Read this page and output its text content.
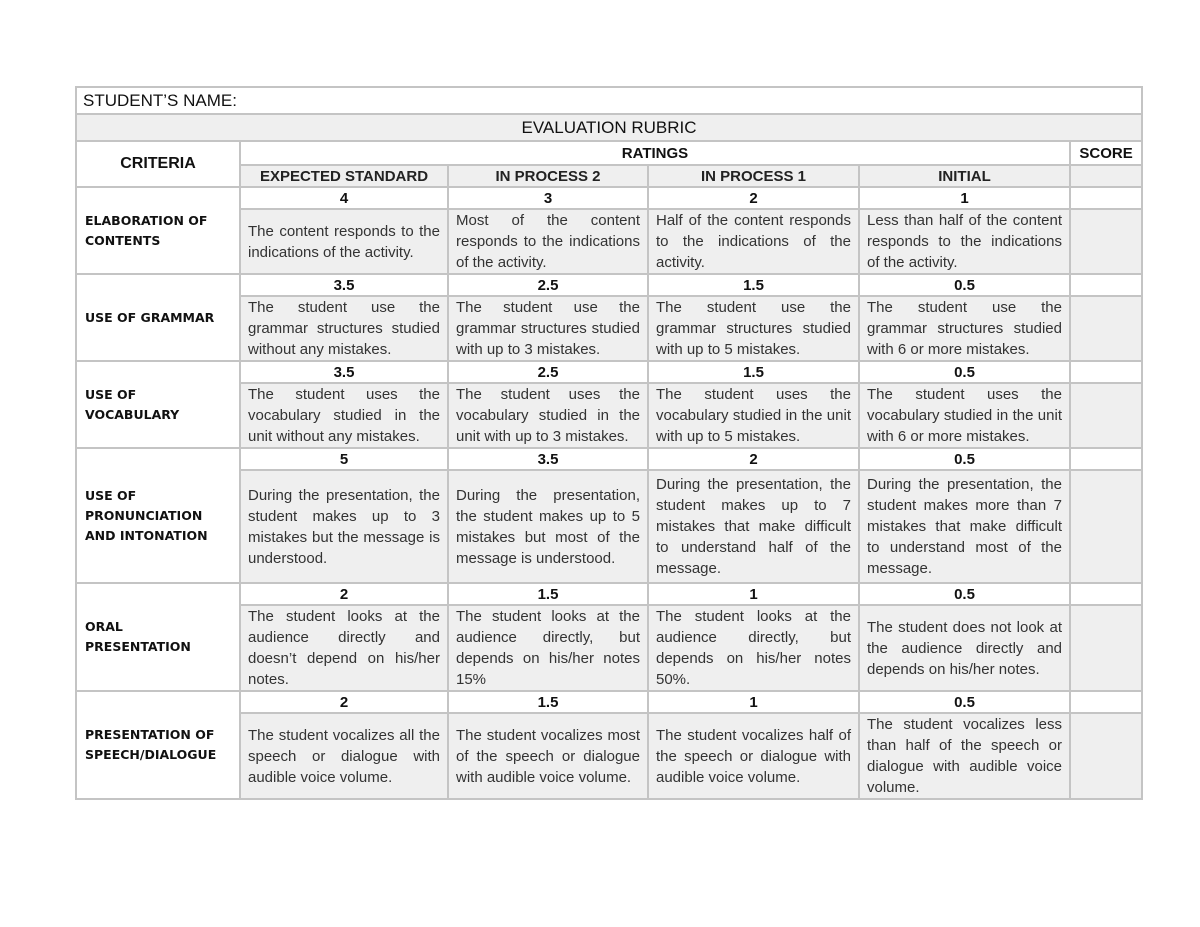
STUDENT’S NAME:					
EVALUATION RUBRIC					
CRITERIA	RATINGS				SCORE
	EXPECTED STANDARD	IN PROCESS 2	IN PROCESS 1	INITIAL	
ELABORATION OF CONTENTS	4	3	2	1	
	The content responds to the indications of the activity.	Most of the content responds to the indications of the activity.	Half of the content responds to the indications of the activity.	Less than half of the content responds to the indications of the activity.	
USE OF GRAMMAR	3.5	2.5	1.5	0.5	
	The student use the grammar structures studied without any mistakes.	The student use the grammar structures studied with up to 3 mistakes.	The student use the grammar structures studied with up to 5 mistakes.	The student use the grammar structures studied with 6 or more mistakes.	
USE OF VOCABULARY	3.5	2.5	1.5	0.5	
	The student uses the vocabulary studied in the unit without any mistakes.	The student uses the vocabulary studied in the unit with up to 3 mistakes.	The student uses the vocabulary studied in the unit with up to 5 mistakes.	The student uses the vocabulary studied in the unit with 6 or more mistakes.	
USE OF PRONUNCIATION AND INTONATION	5	3.5	2	0.5	
	During the presentation, the student makes up to 3 mistakes but the message is understood.	During the presentation, the student makes up to 5 mistakes but most of the message is understood.	During the presentation, the student makes up to 7 mistakes that make difficult to understand half of the message.	During the presentation, the student makes more than 7 mistakes that make difficult to understand most of the message.	
ORAL PRESENTATION	2	1.5	1	0.5	
	The student looks at the audience directly and doesn’t depend on his/her notes.	The student looks at the audience directly, but depends on his/her notes 15%	The student looks at the audience directly, but depends on his/her notes 50%.	The student does not look at the audience directly and depends on his/her notes.	
PRESENTATION OF SPEECH/DIALOGUE	2	1.5	1	0.5	
	The student vocalizes all the speech or dialogue with audible voice volume.	The student vocalizes most of the speech or dialogue with audible voice volume.	The student vocalizes half of the speech or dialogue with audible voice volume.	The student vocalizes less than half of the speech or dialogue with audible voice volume.	
